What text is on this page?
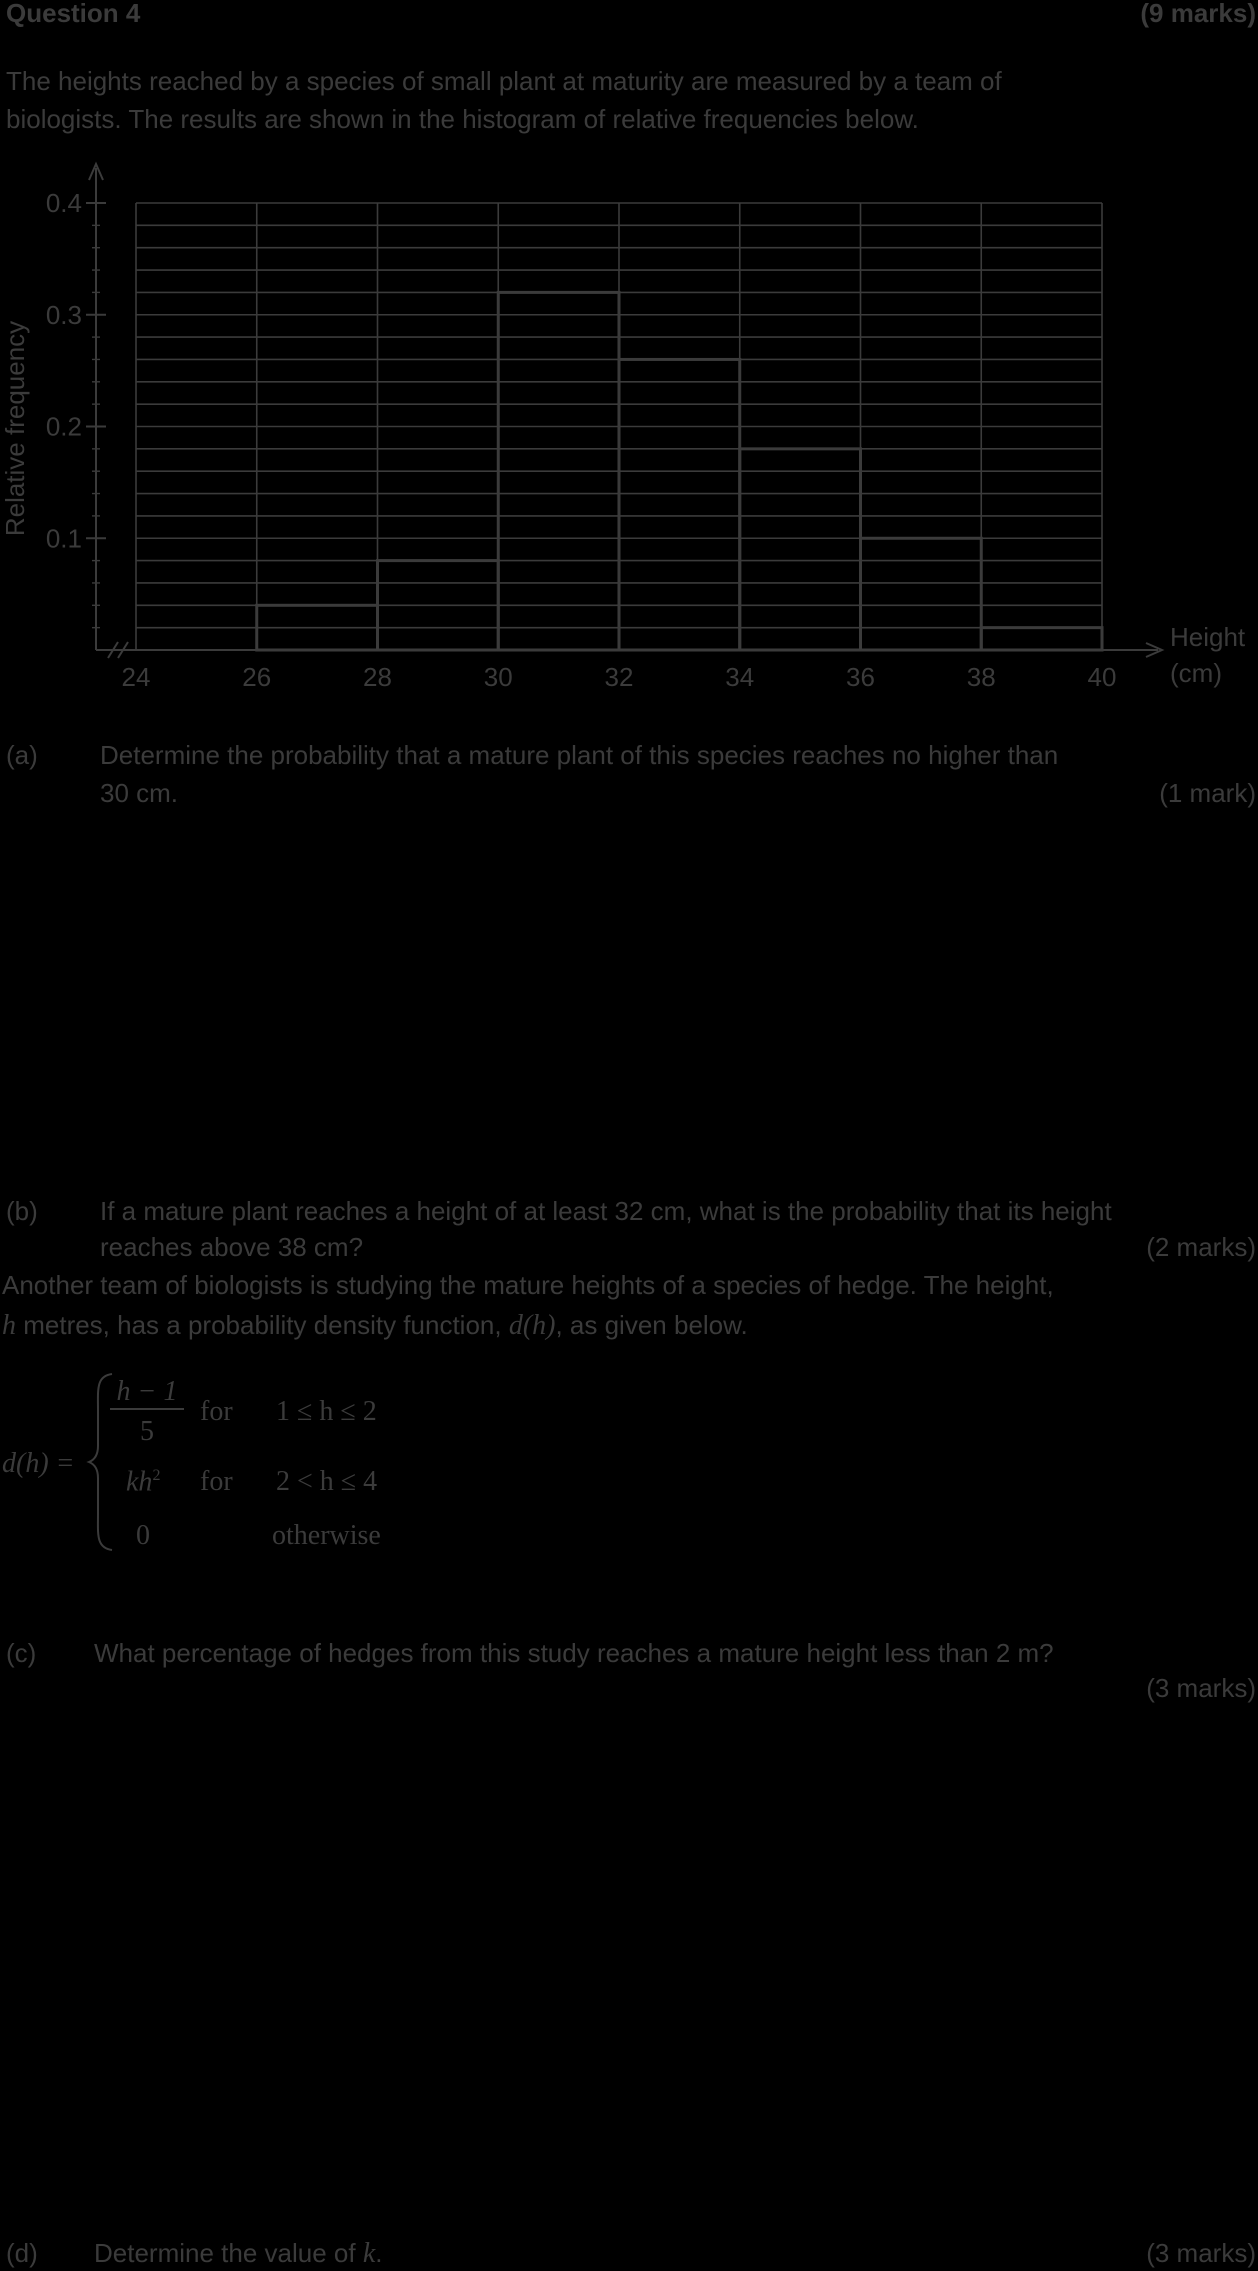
Question 4	(9 marks)
The heights reached by a species of small plant at maturity are measured by a team of
biologists. The results are shown in the histogram of relative frequencies below.
0.1
0.2
0.3
0.4
24	26	28	30	32	34	36	38	40
Relative frequency
Height
(cm)
(a) Determine the probability that a mature plant of this species reaches no higher than
30 cm.	(1 mark)
(b) If a mature plant reaches a height of at least 32 cm, what is the probability that its height
reaches above 38 cm?	(2 marks)
Another team of biologists is studying the mature heights of a species of hedge. The height,
h metres, has a probability density function, d(h), as given below.
d(h) =
h − 1
5
for 1 ≤ h ≤ 2
$kh^2$ for 2 < h ≤ 4
0	otherwise
(c) What percentage of hedges from this study reaches a mature height less than 2 m?
(3 marks)
(d) Determine the value of k.	(3 marks)
